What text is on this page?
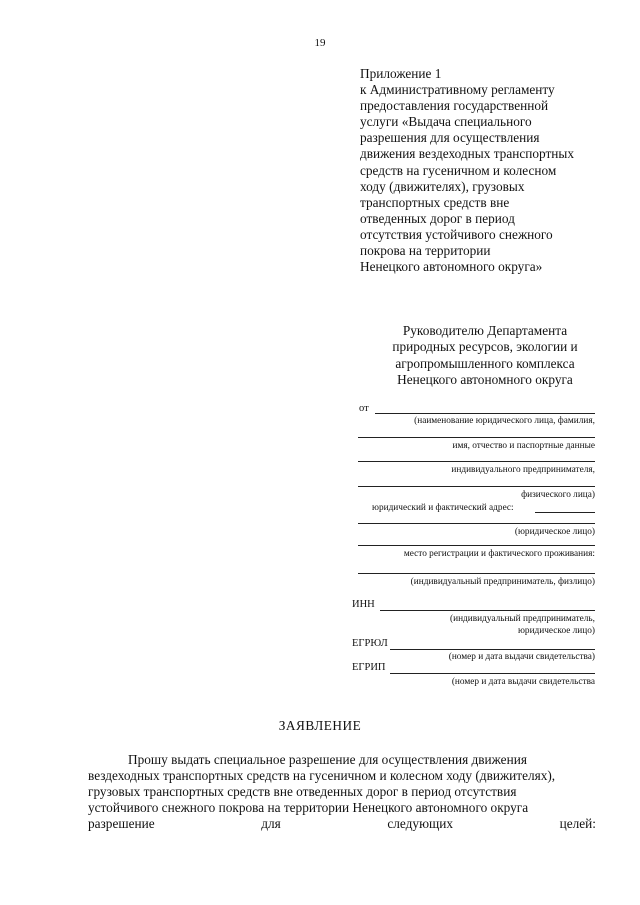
19
Приложение 1
к Административному регламенту
предоставления государственной
услуги «Выдача специального
разрешения для осуществления
движения вездеходных транспортных
средств на гусеничном и колесном
ходу (движителях), грузовых
транспортных средств вне
отведенных дорог в период
отсутствия устойчивого снежного
покрова на территории
Ненецкого автономного округа»
Руководителю Департамента
природных ресурсов, экологии и
агропромышленного комплекса
Ненецкого автономного округа
от
(наименование юридического лица, фамилия,
имя, отчество и паспортные данные
индивидуального предпринимателя,
физического лица)
юридический и фактический адрес:
(юридическое лицо)
место регистрации и фактического проживания:
(индивидуальный предприниматель, физлицо)
ИНН
(индивидуальный предприниматель,
юридическое лицо)
ЕГРЮЛ
(номер и дата выдачи свидетельства)
ЕГРИП
(номер и дата выдачи свидетельства
ЗАЯВЛЕНИЕ
Прошу выдать специальное разрешение для осуществления движения
вездеходных транспортных средств на гусеничном и колесном ходу (движителях),
грузовых транспортных средств вне отведенных дорог в период отсутствия
устойчивого снежного покрова на территории Ненецкого автономного округа
разрешение	для	следующих	целей:
